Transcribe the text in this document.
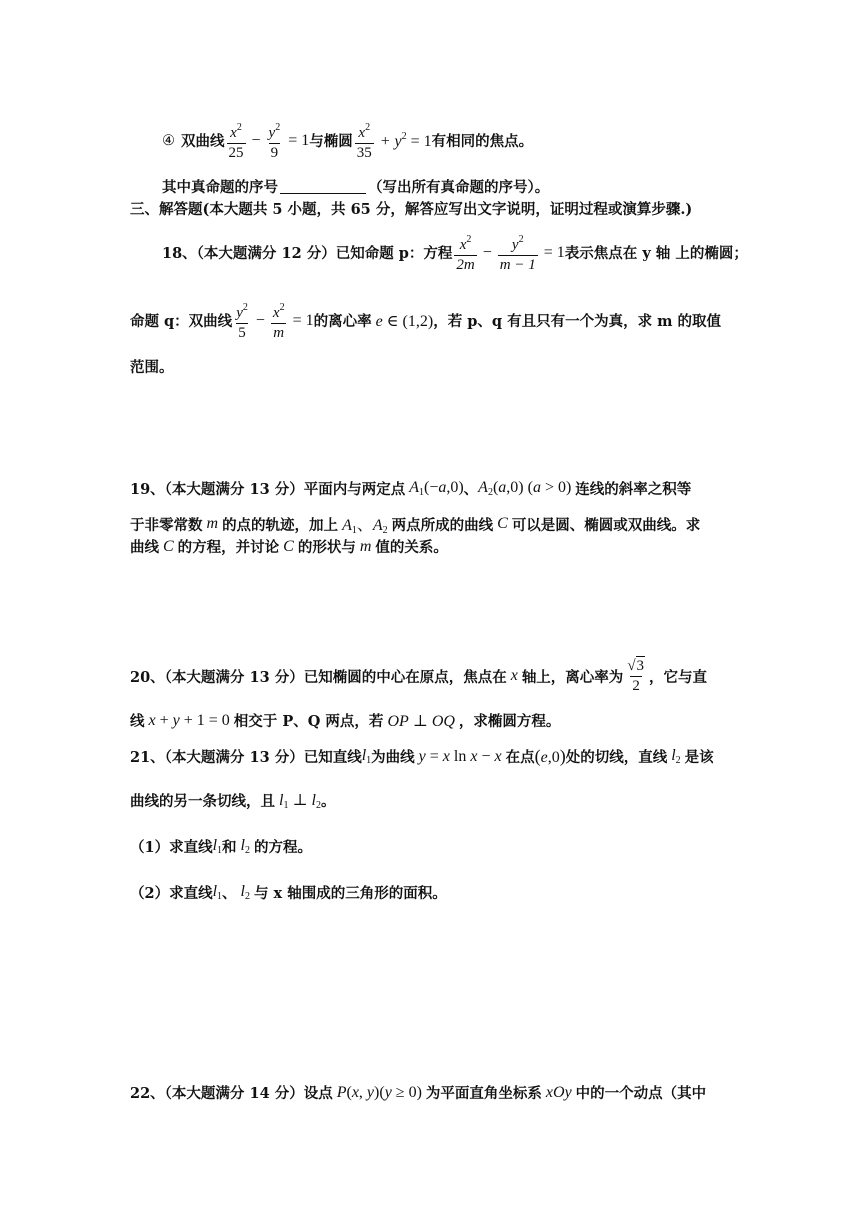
④ 双曲线 $\frac{x^2}{25} - \frac{y^2}{9} = 1$ 与椭圆 $\frac{x^2}{35} + y^2 = 1$ 有相同的焦点。
其中真命题的序号	（写出所有真命题的序号）。
三、解答题(本大题共 5 小题，共 65 分，解答应写出文字说明，证明过程或演算步骤.)
18、（本大题满分 12 分）已知命题 p：方程 $\frac{x^2}{2m} - \frac{y^2}{m - 1} = 1$ 表示焦点在 y 轴 上的椭圆；
命题 q：双曲线 $\frac{y^2}{5} - \frac{x^2}{m} = 1$ 的离心率 e ∈ (1,2) ，若 p、q 有且只有一个为真，求 m 的取值
范围。
19、（本大题满分 13 分）平面内与两定点 $A_1(-a,0)$ 、 $A_2(a,0) (a > 0)$ 连线的斜率之积等
于非零常数 m 的点的轨迹，加上 $A_1$、$A_2$ 两点所成的曲线 C 可以是圆、椭圆或双曲线。求
曲线 C 的方程，并讨论 C 的形状与 m 值的关系。
20、（本大题满分 13 分）已知椭圆的中心在原点，焦点在 x 轴上，离心率为 $\frac{√3}{2}$ ，它与直
线 x + y + 1 = 0 相交于 P、Q 两点，若 OP ⊥ OQ ，求椭圆方程。
21、（本大题满分 13 分）已知直线 $l_1$ 为曲线 y = x ln x − x 在点 (e,0) 处的切线，直线 $l_2$ 是该
曲线的另一条切线，且 $l_1$ ⊥ $l_2$ 。
（1）求直线 $l_1$ 和 $l_2$ 的方程。
（2）求直线 $l_1$ 、 $l_2$ 与 x 轴围成的三角形的面积。
22、（本大题满分 14 分）设点 P(x, y)(y ≥ 0) 为平面直角坐标系 xOy 中的一个动点（其中
